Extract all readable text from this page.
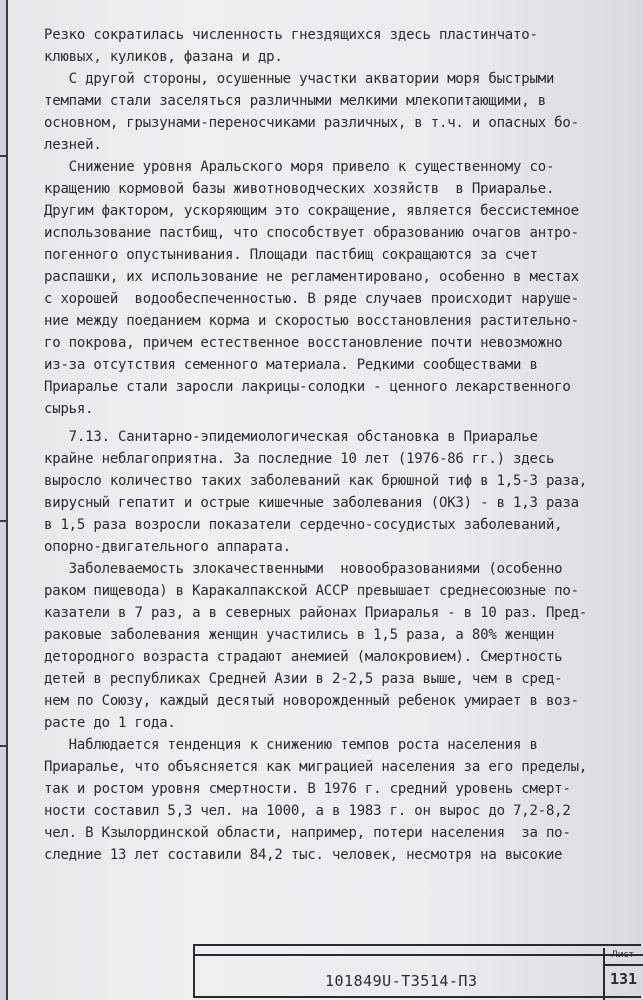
Резко сократилась численность гнездящихся здесь пластинчато-
клювых, куликов, фазана и др.
С другой стороны, осушенные участки акватории моря быстрыми
темпами стали заселяться различными мелкими млекопитающими, в
основном, грызунами-переносчиками различных, в т.ч. и опасных бо-
лезней.
Снижение уровня Аральского моря привело к существенному со-
кращению кормовой базы животноводческих хозяйств  в Приаралье.
Другим фактором, ускоряющим это сокращение, является бессистемное
использование пастбищ, что способствует образованию очагов антро-
погенного опустынивания. Площади пастбищ сокращаются за счет
распашки, их использование не регламентировано, особенно в местах
с хорошей  водообеспеченностью. В ряде случаев происходит наруше-
ние между поеданием корма и скоростью восстановления растительно-
го покрова, причем естественное восстановление почти невозможно
из-за отсутствия семенного материала. Редкими сообществами в
Приаралье стали заросли лакрицы-солодки - ценного лекарственного
сырья.
7.13. Санитарно-эпидемиологическая обстановка в Приаралье
крайне неблагоприятна. За последние 10 лет (1976-86 гг.) здесь
выросло количество таких заболеваний как брюшной тиф в 1,5-3 раза,
вирусный гепатит и острые кишечные заболевания (ОКЗ) - в 1,3 раза
в 1,5 раза возросли показатели сердечно-сосудистых заболеваний,
опорно-двигательного аппарата.
Заболеваемость злокачественными  новообразованиями (особенно
раком пищевода) в Каракалпакской АССР превышает среднесоюзные по-
казатели в 7 раз, а в северных районах Приаралья - в 10 раз. Пред-
раковые заболевания женщин участились в 1,5 раза, а 80% женщин
детородного возраста страдают анемией (малокровием). Смертность
детей в республиках Средней Азии в 2-2,5 раза выше, чем в сред-
нем по Союзу, каждый десятый новорожденный ребенок умирает в воз-
расте до 1 года.
Наблюдается тенденция к снижению темпов роста населения в
Приаралье, что объясняется как миграцией населения за его пределы,
так и ростом уровня смертности. В 1976 г. средний уровень смерт-
ности составил 5,3 чел. на 1000, а в 1983 г. он вырос до 7,2-8,2
чел. В Кзылординской области, например, потери населения  за по-
следние 13 лет составили 84,2 тыс. человек, несмотря на высокие
101849U-T3514-ПЗ
Лист
131
